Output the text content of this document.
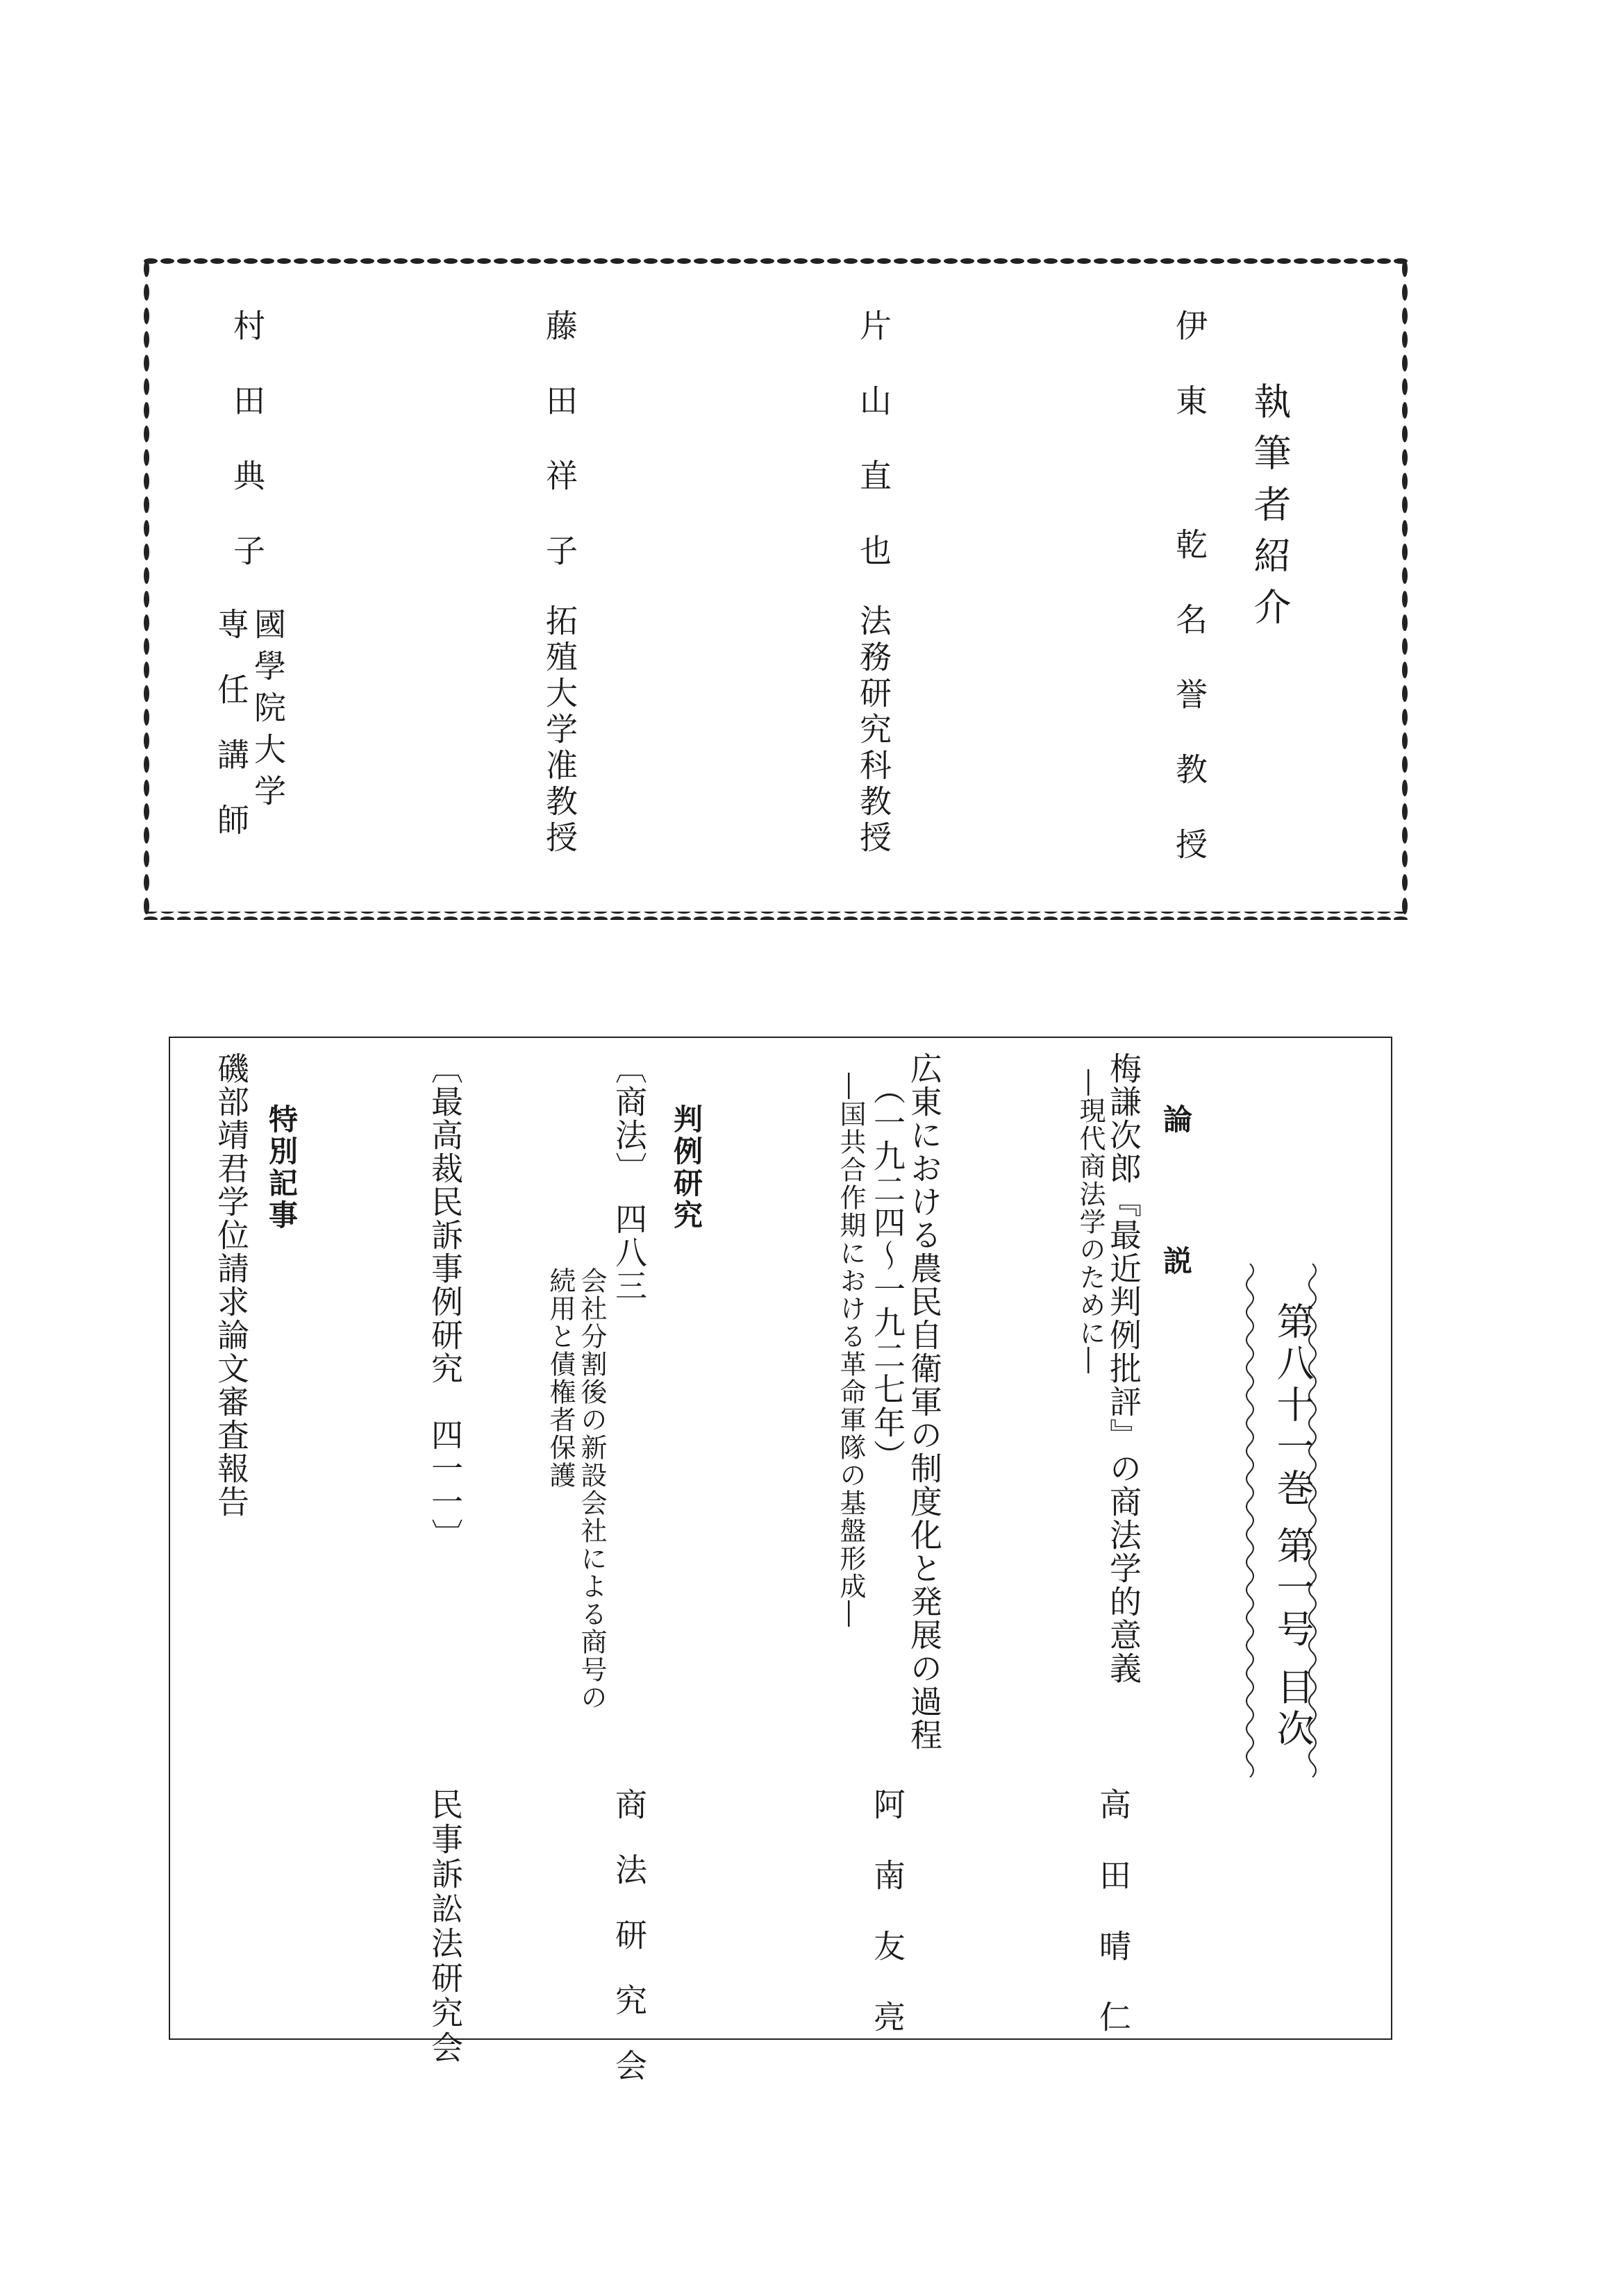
執筆者紹介
伊東
乾名誉教授
片山直也
法務研究科教授
藤田祥子
拓殖大学准教授
村田典子
國學院大学
専任講師
第八十一巻 第一号 目次
論　説
梅謙次郎『最近判例批評』の商法学的意義
―現代商法学のために―
高田晴仁
広東における農民自衛軍の制度化と発展の過程
（一九二四～一九二七年）
―国共合作期における革命軍隊の基盤形成―
阿南友亮
判例研究
〔商法〕　四八三
会社分割後の新設会社による商号の
続用と債権者保護
商法研究会
〔最高裁民訴事例研究　四一一〕
民事訴訟法研究会
特別記事
磯部靖君学位請求論文審査報告
